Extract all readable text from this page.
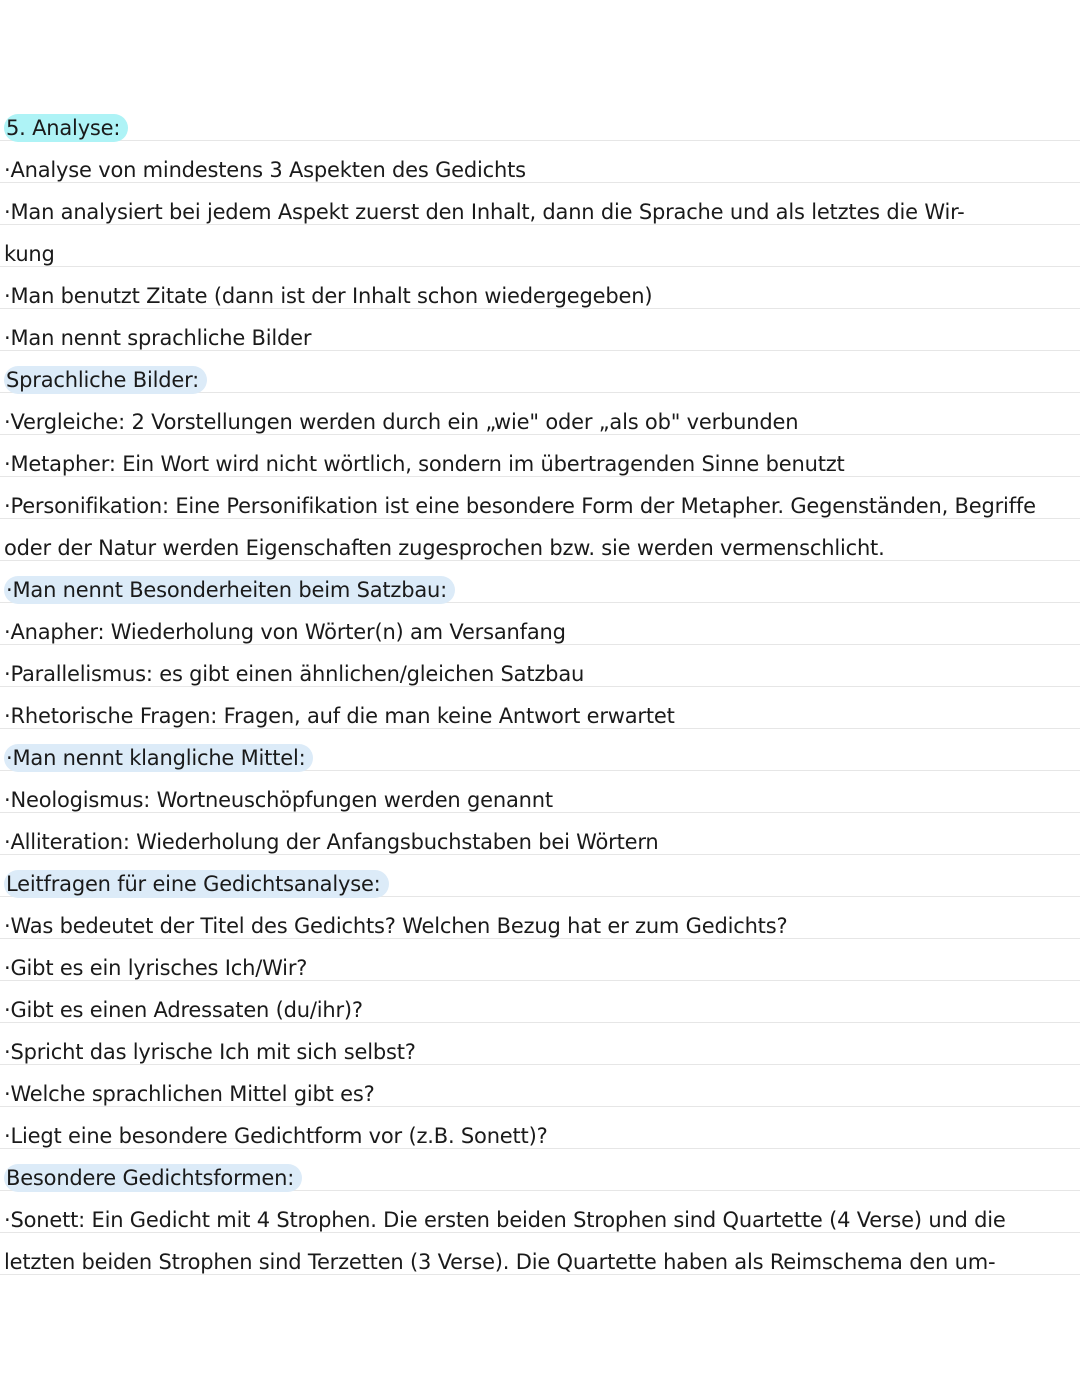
5. Analyse:
·Analyse von mindestens 3 Aspekten des Gedichts
·Man analysiert bei jedem Aspekt zuerst den Inhalt, dann die Sprache und als letztes die Wir-
kung
·Man benutzt Zitate (dann ist der Inhalt schon wiedergegeben)
·Man nennt sprachliche Bilder
Sprachliche Bilder:
·Vergleiche: 2 Vorstellungen werden durch ein „wie" oder „als ob" verbunden
·Metapher: Ein Wort wird nicht wörtlich, sondern im übertragenden Sinne benutzt
·Personifikation: Eine Personifikation ist eine besondere Form der Metapher. Gegenständen, Begriffe
oder der Natur werden Eigenschaften zugesprochen bzw. sie werden vermenschlicht.
·Man nennt Besonderheiten beim Satzbau:
·Anapher: Wiederholung von Wörter(n) am Versanfang
·Parallelismus: es gibt einen ähnlichen/gleichen Satzbau
·Rhetorische Fragen: Fragen, auf die man keine Antwort erwartet
·Man nennt klangliche Mittel:
·Neologismus: Wortneuschöpfungen werden genannt
·Alliteration: Wiederholung der Anfangsbuchstaben bei Wörtern
Leitfragen für eine Gedichtsanalyse:
·Was bedeutet der Titel des Gedichts? Welchen Bezug hat er zum Gedichts?
·Gibt es ein lyrisches Ich/Wir?
·Gibt es einen Adressaten (du/ihr)?
·Spricht das lyrische Ich mit sich selbst?
·Welche sprachlichen Mittel gibt es?
·Liegt eine besondere Gedichtform vor (z.B. Sonett)?
Besondere Gedichtsformen:
·Sonett: Ein Gedicht mit 4 Strophen. Die ersten beiden Strophen sind Quartette (4 Verse) und die
letzten beiden Strophen sind Terzetten (3 Verse). Die Quartette haben als Reimschema den um-
